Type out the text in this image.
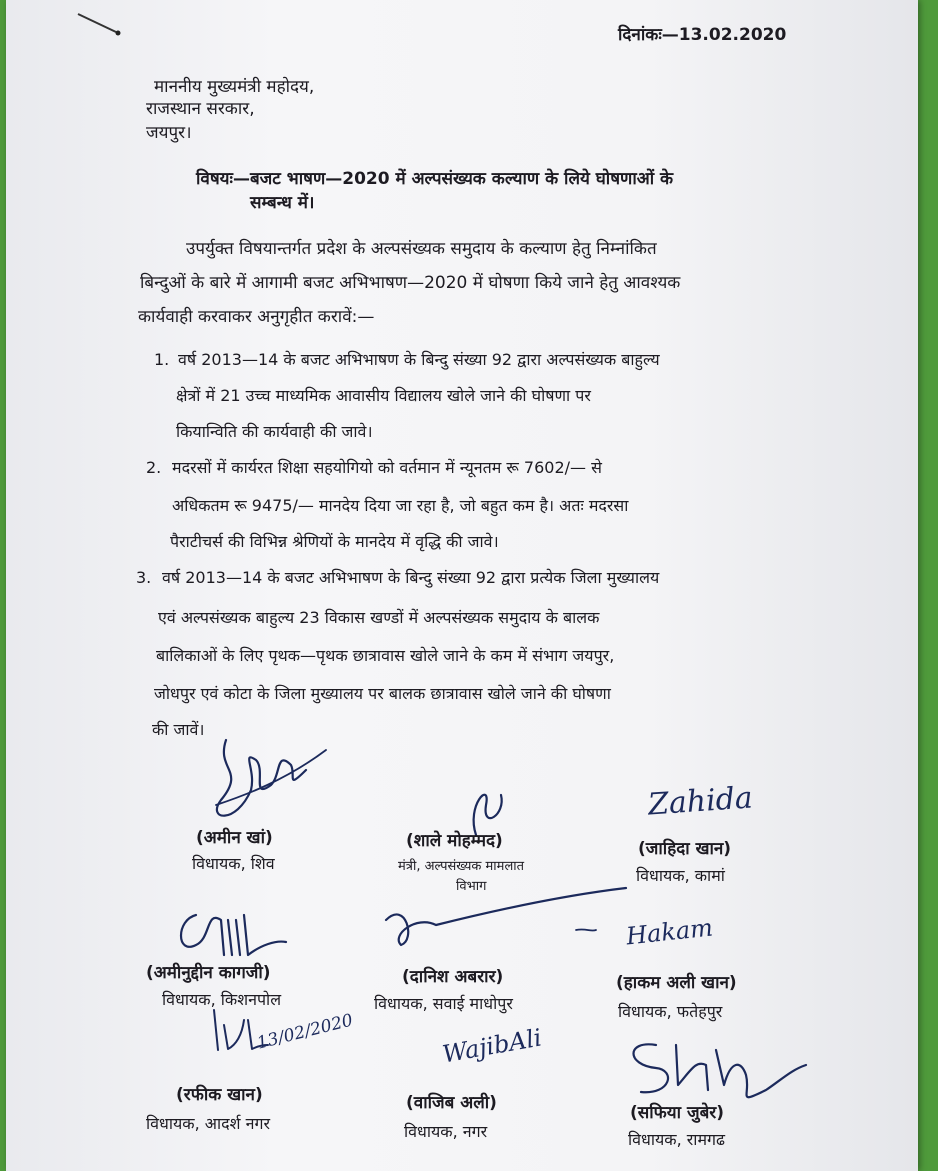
दिनांकः—13.02.2020
माननीय मुख्यमंत्री महोदय,
राजस्थान सरकार,
जयपुर।
विषयः—बजट भाषण—2020 में अल्पसंख्यक कल्याण के लिये घोषणाओं के
सम्बन्ध में।
उपर्युक्त विषयान्तर्गत प्रदेश के अल्पसंख्यक समुदाय के कल्याण हेतु निम्नांकित
बिन्दुओं के बारे में आगामी बजट अभिभाषण—2020 में घोषणा किये जाने हेतु आवश्यक
कार्यवाही करवाकर अनुगृहीत करावें:—
1. वर्ष 2013—14 के बजट अभिभाषण के बिन्दु संख्या 92 द्वारा अल्पसंख्यक बाहुल्य
क्षेत्रों में 21 उच्च माध्यमिक आवासीय विद्यालय खोले जाने की घोषणा पर
कियान्विति की कार्यवाही की जावे।
2. मदरसों में कार्यरत शिक्षा सहयोगियो को वर्तमान में न्यूनतम रू 7602/— से
अधिकतम रू 9475/— मानदेय दिया जा रहा है, जो बहुत कम है। अतः मदरसा
पैराटीचर्स की विभिन्न श्रेणियों के मानदेय में वृद्धि की जावे।
3. वर्ष 2013—14 के बजट अभिभाषण के बिन्दु संख्या 92 द्वारा प्रत्येक जिला मुख्यालय
एवं अल्पसंख्यक बाहुल्य 23 विकास खण्डों में अल्पसंख्यक समुदाय के बालक
बालिकाओं के लिए पृथक—पृथक छात्रावास खोले जाने के कम में संभाग जयपुर,
जोधपुर एवं कोटा के जिला मुख्यालय पर बालक छात्रावास खोले जाने की घोषणा
की जावें।
Zahida
Hakam
WajibAli
13/02/2020
(अमीन खां)
विधायक, शिव
(शाले मोहम्मद)
मंत्री, अल्पसंख्यक मामलात
विभाग
(जाहिदा खान)
विधायक, कामां
(अमीनुद्दीन कागजी)
विधायक, किशनपोल
(दानिश अबरार)
विधायक, सवाई माधोपुर
(हाकम अली खान)
विधायक, फतेहपुर
(रफीक खान)
विधायक, आदर्श नगर
(वाजिब अली)
विधायक, नगर
(सफिया जुबेर)
विधायक, रामगढ
